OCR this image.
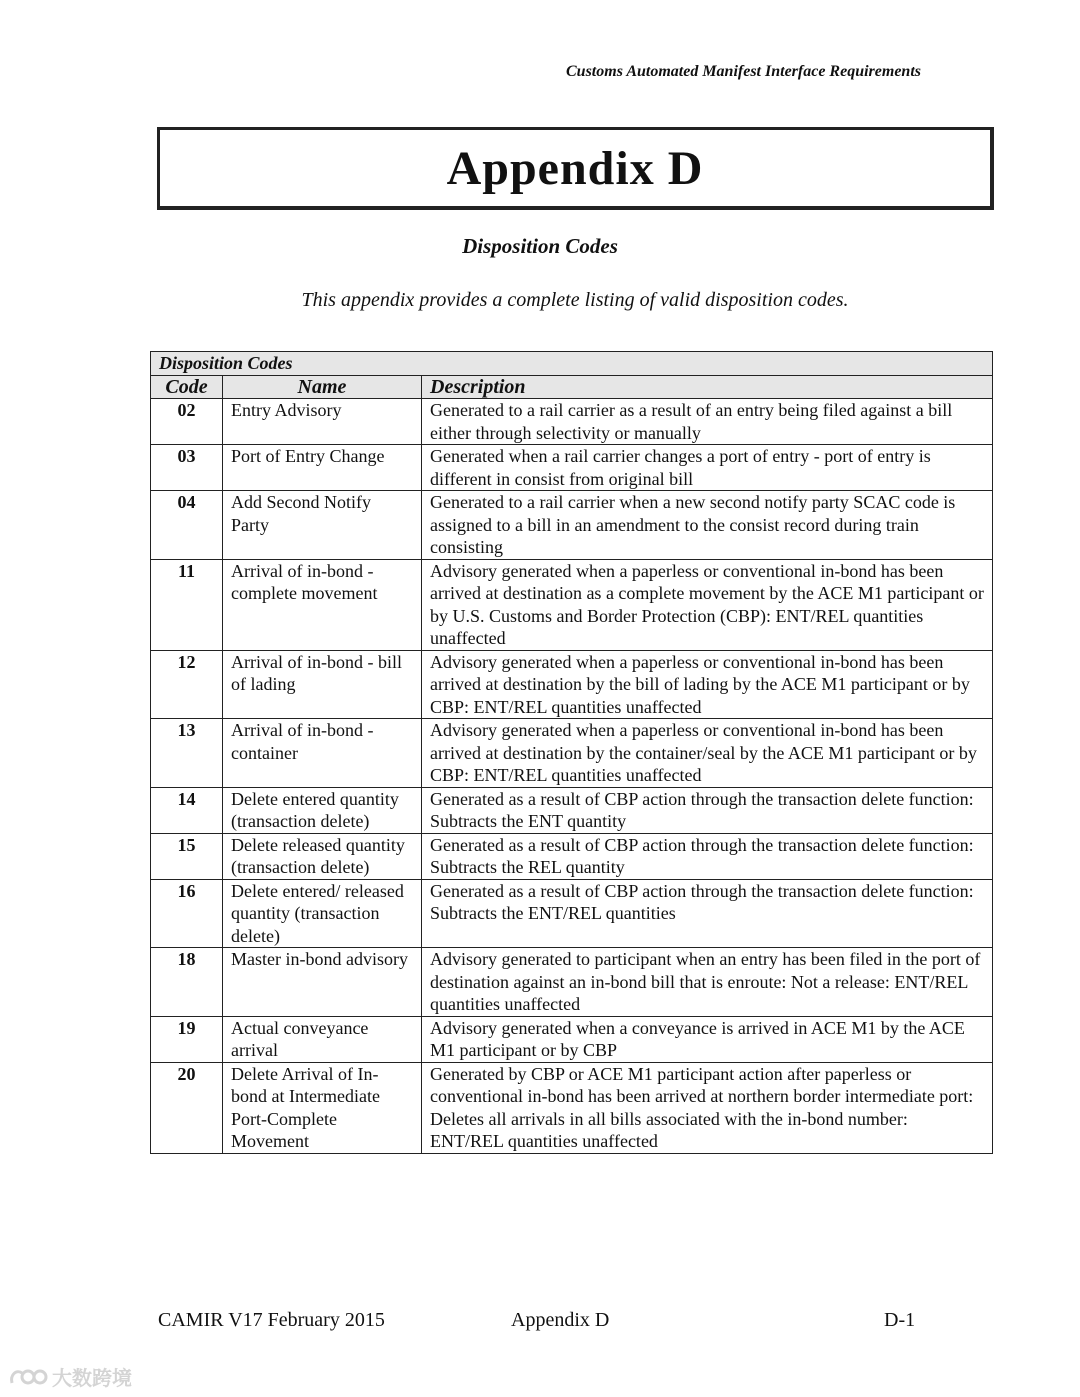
Customs Automated Manifest Interface Requirements
Appendix D
Disposition Codes
This appendix provides a complete listing of valid disposition codes.
Disposition Codes		
Code	Name	Description
02	Entry Advisory	Generated to a rail carrier as a result of an entry being filed against a bill either through selectivity or manually
03	Port of Entry Change	Generated when a rail carrier changes a port of entry - port of entry is different in consist from original bill
04	Add Second Notify Party	Generated to a rail carrier when a new second notify party SCAC code is assigned to a bill in an amendment to the consist record during train consisting
11	Arrival of in-bond - complete movement	Advisory generated when a paperless or conventional in-bond has been arrived at destination as a complete movement by the ACE M1 participant or by U.S. Customs and Border Protection (CBP): ENT/REL quantities unaffected
12	Arrival of in-bond - bill of lading	Advisory generated when a paperless or conventional in-bond has been arrived at destination by the bill of lading by the ACE M1 participant or by CBP: ENT/REL quantities unaffected
13	Arrival of in-bond - container	Advisory generated when a paperless or conventional in-bond has been arrived at destination by the container/seal by the ACE M1 participant or by CBP: ENT/REL quantities unaffected
14	Delete entered quantity (transaction delete)	Generated as a result of CBP action through the transaction delete function: Subtracts the ENT quantity
15	Delete released quantity (transaction delete)	Generated as a result of CBP action through the transaction delete function: Subtracts the REL quantity
16	Delete entered/ released quantity (transaction delete)	Generated as a result of CBP action through the transaction delete function: Subtracts the ENT/REL quantities
18	Master in-bond advisory	Advisory generated to participant when an entry has been filed in the port of destination against an in-bond bill that is enroute: Not a release: ENT/REL quantities unaffected
19	Actual conveyance arrival	Advisory generated when a conveyance is arrived in ACE M1 by the ACE M1 participant or by CBP
20	Delete Arrival of In-bond at Intermediate Port-Complete Movement	Generated by CBP or ACE M1 participant action after paperless or conventional in-bond has been arrived at northern border intermediate port: Deletes all arrivals in all bills associated with the in-bond number: ENT/REL quantities unaffected
CAMIR V17 February 2015	Appendix D	D-1
大数跨境
